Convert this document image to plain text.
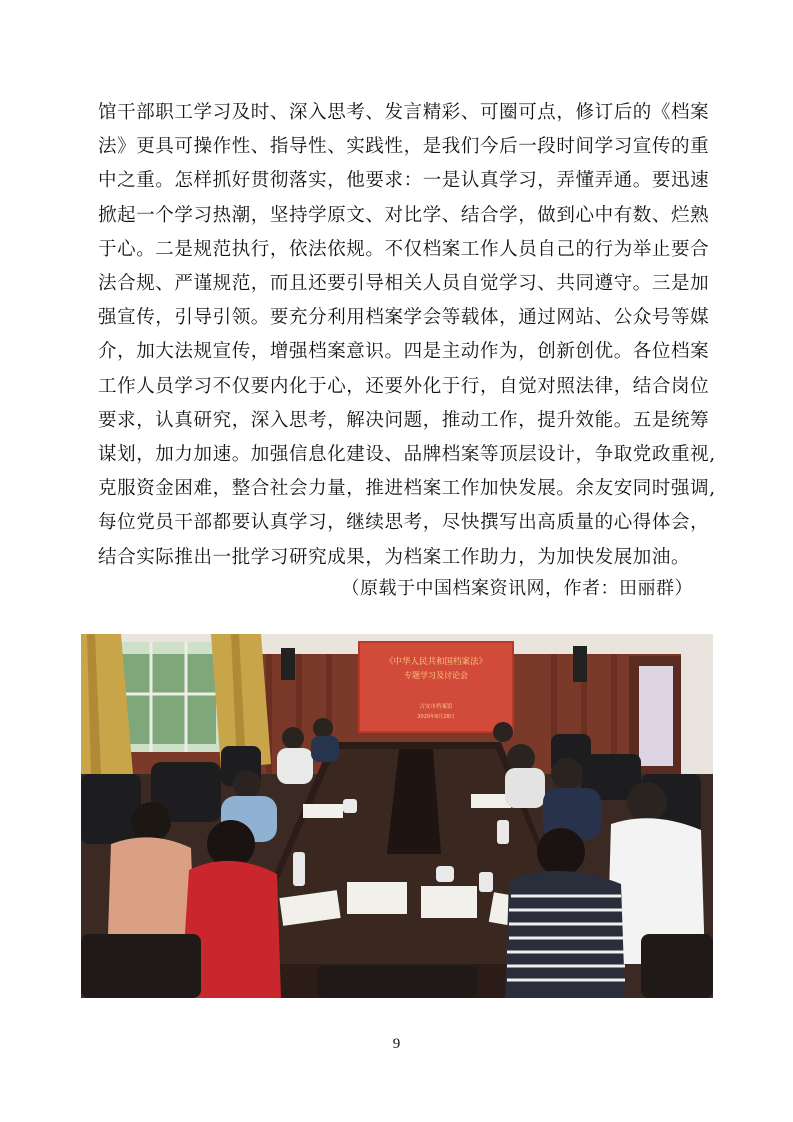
馆干部职工学习及时、深入思考、发言精彩、可圈可点，修订后的《档案
法》更具可操作性、指导性、实践性，是我们今后一段时间学习宣传的重
中之重。怎样抓好贯彻落实，他要求：一是认真学习，弄懂弄通。要迅速
掀起一个学习热潮，坚持学原文、对比学、结合学，做到心中有数、烂熟
于心。二是规范执行，依法依规。不仅档案工作人员自己的行为举止要合
法合规、严谨规范，而且还要引导相关人员自觉学习、共同遵守。三是加
强宣传，引导引领。要充分利用档案学会等载体，通过网站、公众号等媒
介，加大法规宣传，增强档案意识。四是主动作为，创新创优。各位档案
工作人员学习不仅要内化于心，还要外化于行，自觉对照法律，结合岗位
要求，认真研究，深入思考，解决问题，推动工作，提升效能。五是统筹
谋划，加力加速。加强信息化建设、品牌档案等顶层设计，争取党政重视,
克服资金困难，整合社会力量，推进档案工作加快发展。余友安同时强调,
每位党员干部都要认真学习，继续思考，尽快撰写出高质量的心得体会，
结合实际推出一批学习研究成果，为档案工作助力，为加快发展加油。
（原载于中国档案资讯网，作者：田丽群）
《中华人民共和国档案法》
专题学习及讨论会
吉安市档案馆
2020年6月28日
9
